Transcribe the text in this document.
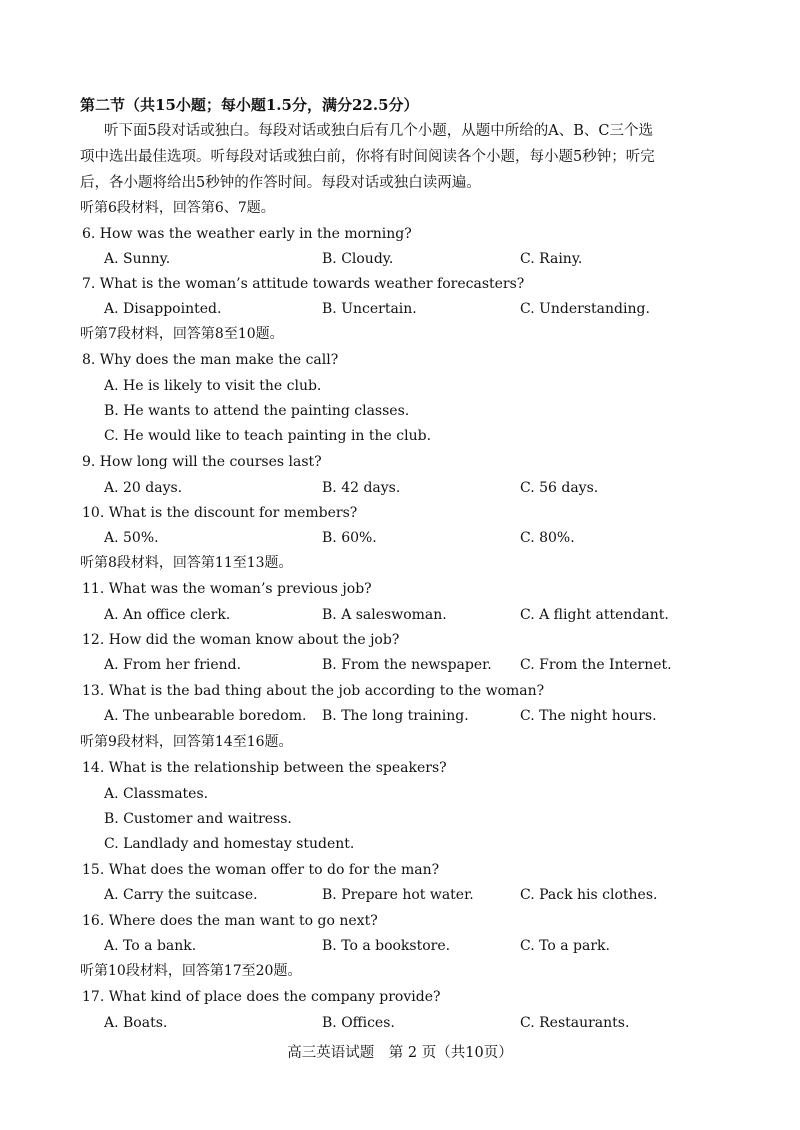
第二节（共15小题；每小题1.5分，满分22.5分）
听下面5段对话或独白。每段对话或独白后有几个小题，从题中所给的A、B、C三个选
项中选出最佳选项。听每段对话或独白前，你将有时间阅读各个小题，每小题5秒钟；听完
后，各小题将给出5秒钟的作答时间。每段对话或独白读两遍。
听第6段材料，回答第6、7题。
6. How was the weather early in the morning?
A. Sunny.	B. Cloudy.	C. Rainy.
7. What is the woman’s attitude towards weather forecasters?
A. Disappointed.	B. Uncertain.	C. Understanding.
听第7段材料，回答第8至10题。
8. Why does the man make the call?
A. He is likely to visit the club.
B. He wants to attend the painting classes.
C. He would like to teach painting in the club.
9. How long will the courses last?
A. 20 days.	B. 42 days.	C. 56 days.
10. What is the discount for members?
A. 50%.	B. 60%.	C. 80%.
听第8段材料，回答第11至13题。
11. What was the woman’s previous job?
A. An office clerk.	B. A saleswoman.	C. A flight attendant.
12. How did the woman know about the job?
A. From her friend.	B. From the newspaper. C. From the Internet.
13. What is the bad thing about the job according to the woman?
A. The unbearable boredom. B. The long training.	C. The night hours.
听第9段材料，回答第14至16题。
14. What is the relationship between the speakers?
A. Classmates.
B. Customer and waitress.
C. Landlady and homestay student.
15. What does the woman offer to do for the man?
A. Carry the suitcase.	B. Prepare hot water.	C. Pack his clothes.
16. Where does the man want to go next?
A. To a bank.	B. To a bookstore.	C. To a park.
听第10段材料，回答第17至20题。
17. What kind of place does the company provide?
A. Boats.	B. Offices.	C. Restaurants.
高三英语试题　第 2 页（共10页）
